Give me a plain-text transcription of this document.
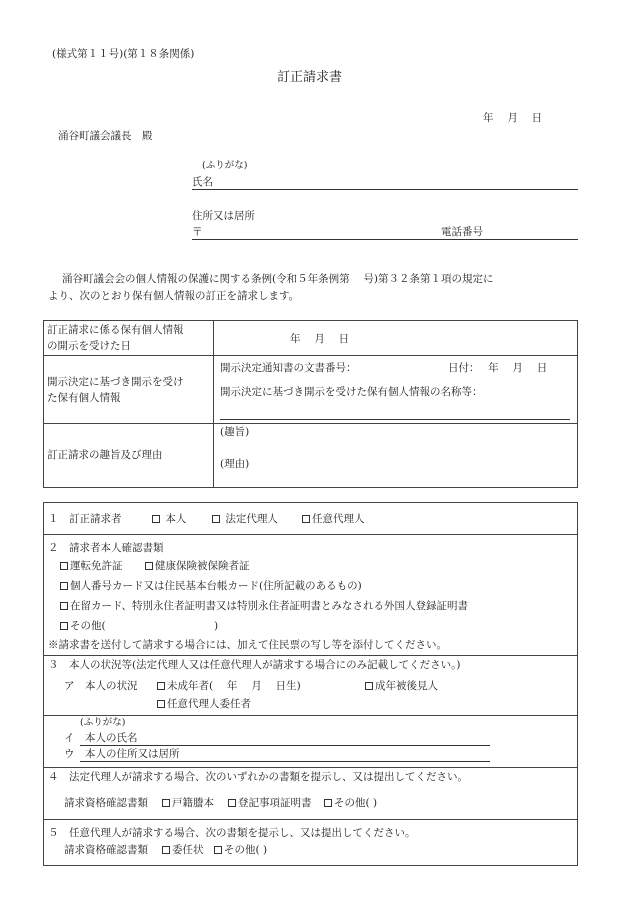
(様式第１１号)(第１８条関係)
訂正請求書
年　 月　 日
涌谷町議会議長　殿
(ふりがな)
氏名
住所又は居所
〒	電話番号
涌谷町議会会の個人情報の保護に関する条例(令和５年条例第　 号)第３２条第１項の規定に
より、次のとおり保有個人情報の訂正を請求します。
訂正請求に係る保有個人情報
の開示を受けた日
年　 月　 日
開示決定に基づき開示を受け
た保有個人情報
開示決定通知書の文書番号：	日付：　 年　 月　 日
開示決定に基づき開示を受けた保有個人情報の名称等：
訂正請求の趣旨及び理由
(趣旨)
(理由)
１　訂正請求者	本人	法定代理人	任意代理人
２　請求者本人確認書類
運転免許証	健康保険被保険者証
個人番号カード又は住民基本台帳カード(住所記載のあるもの)
在留カード、特別永住者証明書又は特別永住者証明書とみなされる外国人登録証明書
その他(	)
※請求書を送付して請求する場合には、加えて住民票の写し等を添付してください。
３　本人の状況等(法定代理人又は任意代理人が請求する場合にのみ記載してください。)
ア　本人の状況	未成年者(　 年　 月　 日生)	成年被後見人
任意代理人委任者
(ふりがな)
イ　本人の氏名
ウ　本人の住所又は居所
４　法定代理人が請求する場合、次のいずれかの書類を提示し、又は提出してください。
請求資格確認書類	戸籍謄本	登記事項証明書	その他( )
５　任意代理人が請求する場合、次の書類を提示し、又は提出してください。
請求資格確認書類	委任状	その他( )
